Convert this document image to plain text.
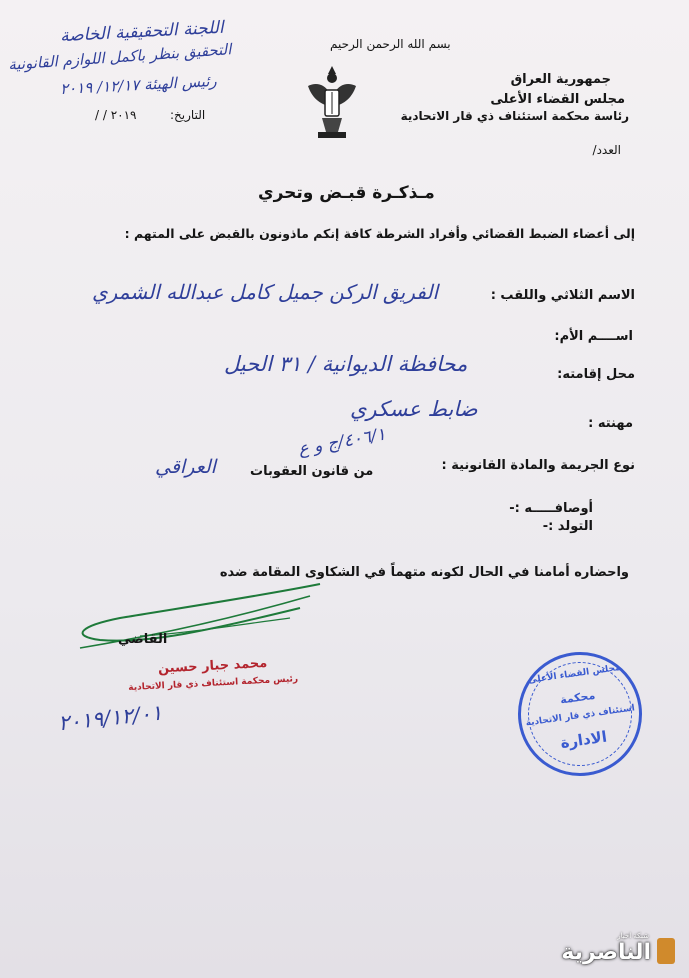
اللجنة التحقيقية الخاصة
التحقيق بنظر باكمل اللوازم القانونية
رئيس الهيئة ١٢/١٧/ ٢٠١٩
بسم الله الرحمن الرحيم
جمهورية العراق
مجلس القضاء الأعلى
رئاسة محكمة استئناف ذي قار الاتحادية
العدد/
التاريخ:
/ / ٢٠١٩
مـذكـرة قبـض وتحري
إلى أعضاء الضبط القضائي وأفراد الشرطة كافة إنكم ماذونون بالقبض على المتهم :
الاسم الثلاثي واللقب :
الفريق الركن جميل كامل عبدالله الشمري
اســــم الأم:
محل إقامته:
محافظة الديوانية / ٣١ الحيل
مهنته :
ضابط عسكري
٤٠٦/١/ج و ع
نوع الجريمة والمادة القانونية :
من قانون العقوبات
العراقي
أوصافـــــه :-
التولد :-
واحضاره أمامنا في الحال لكونه متهماً في الشكاوى المقامة ضده
القاضي
محمد جبار حسين
رئيس محكمة استئناف ذي قار الاتحادية
٢٠١٩/١٢/٠١
مجلس القضاء الأعلى
محكمة
استئناف ذي قار الاتحادية
الادارة
شبكة اخبار
الناصرية
